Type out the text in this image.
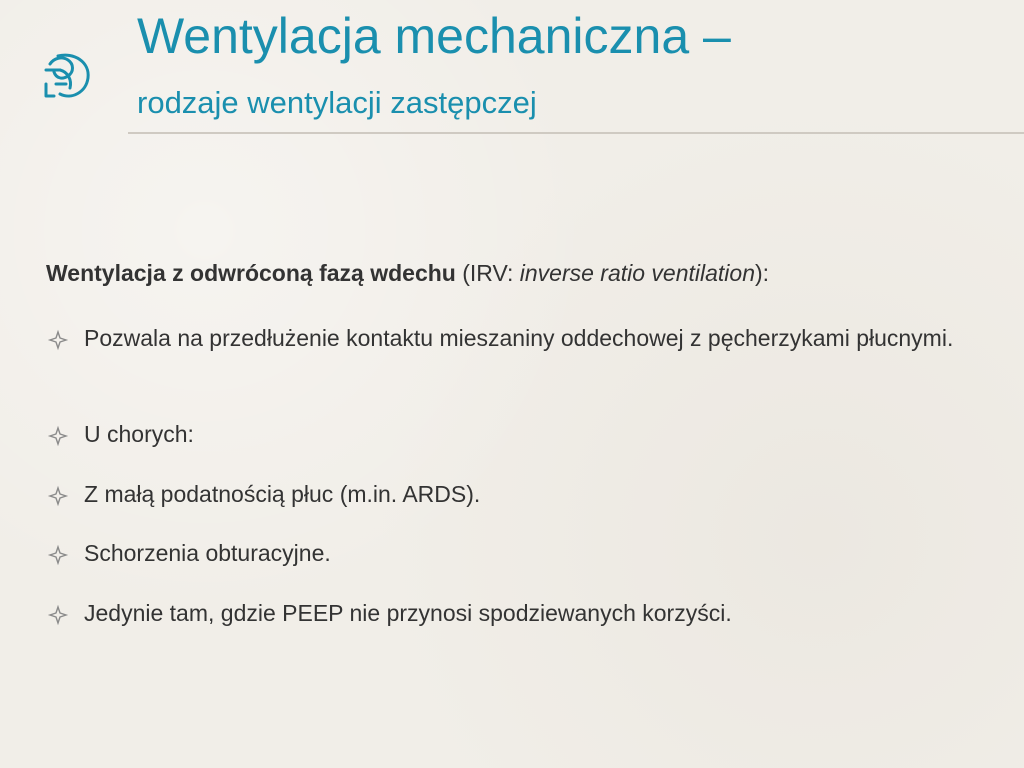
Wentylacja mechaniczna –
rodzaje wentylacji zastępczej

Wentylacja z odwróconą fazą wdechu (IRV: inverse ratio ventilation):

Pozwala na przedłużenie kontaktu mieszaniny oddechowej z pęcherzykami płucnymi.
U chorych:
Z małą podatnością płuc (m.in. ARDS).
Schorzenia obturacyjne.
Jedynie tam, gdzie PEEP nie przynosi spodziewanych korzyści.
